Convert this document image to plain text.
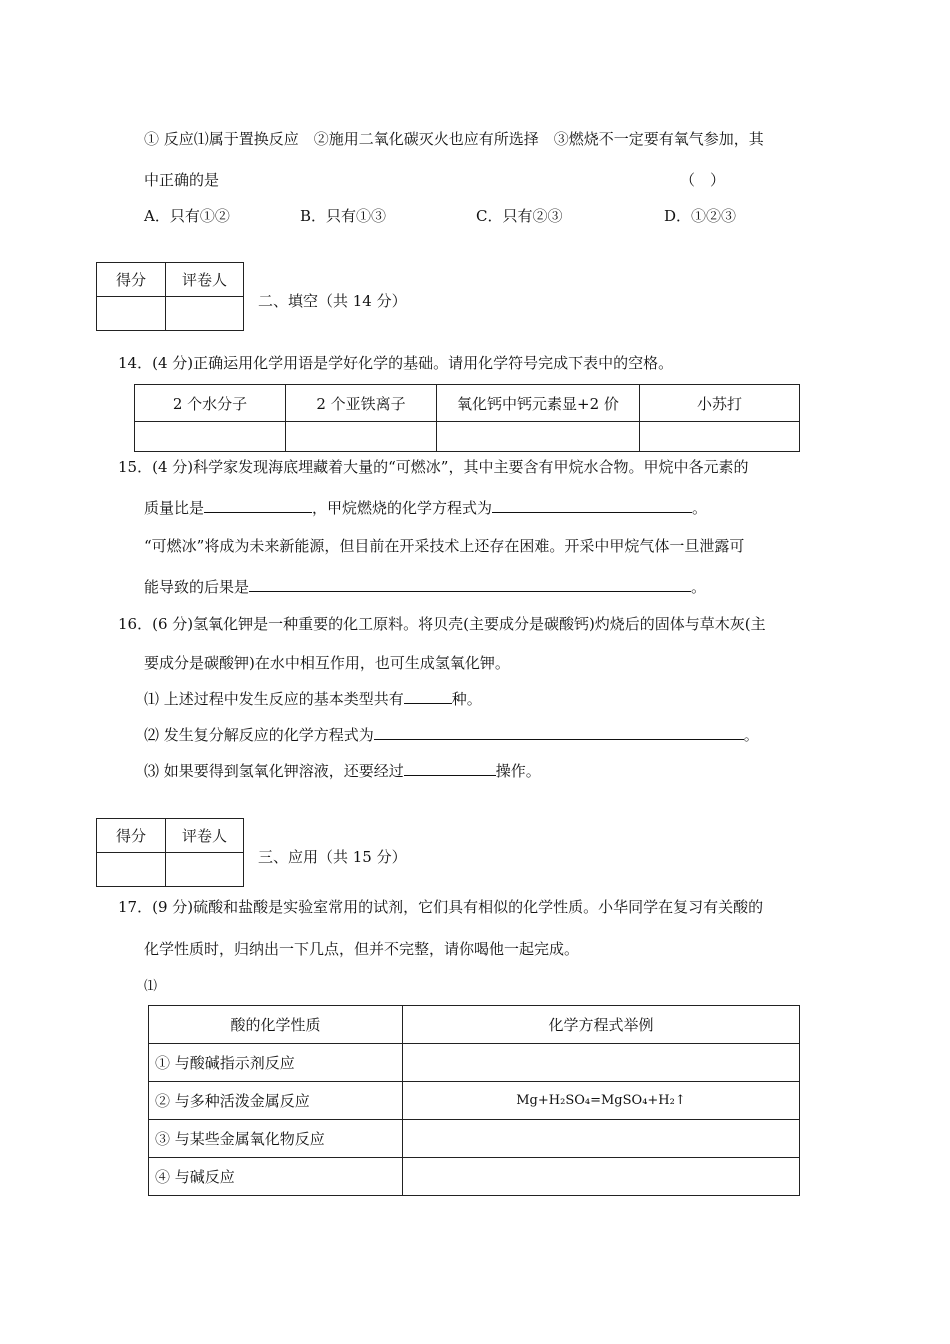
① 反应⑴属于置换反应　②施用二氧化碳灭火也应有所选择　③燃烧不一定要有氧气参加，其
中正确的是	（　）
A．只有①②	B．只有①③	C．只有②③	D．①②③
得分	评卷人

二、填空（共 14 分）
14．(4 分)正确运用化学用语是学好化学的基础。请用化学符号完成下表中的空格。
2 个水分子	2 个亚铁离子	氧化钙中钙元素显+2 价	小苏打

15．(4 分)科学家发现海底埋藏着大量的“可燃冰”，其中主要含有甲烷水合物。甲烷中各元素的
质量比是	，甲烷燃烧的化学方程式为	。
“可燃冰”将成为未来新能源，但目前在开采技术上还存在困难。开采中甲烷气体一旦泄露可
能导致的后果是	。
16．(6 分)氢氧化钾是一种重要的化工原料。将贝壳(主要成分是碳酸钙)灼烧后的固体与草木灰(主
要成分是碳酸钾)在水中相互作用，也可生成氢氧化钾。
⑴ 上述过程中发生反应的基本类型共有	种。
⑵ 发生复分解反应的化学方程式为	。
⑶ 如果要得到氢氧化钾溶液，还要经过	操作。
得分	评卷人

三、应用（共 15 分）
17．(9 分)硫酸和盐酸是实验室常用的试剂，它们具有相似的化学性质。小华同学在复习有关酸的
化学性质时，归纳出一下几点，但并不完整，请你喝他一起完成。
⑴
酸的化学性质	化学方程式举例
① 与酸碱指示剂反应	
② 与多种活泼金属反应	Mg+H₂SO₄=MgSO₄+H₂↑
③ 与某些金属氧化物反应	
④ 与碱反应	
